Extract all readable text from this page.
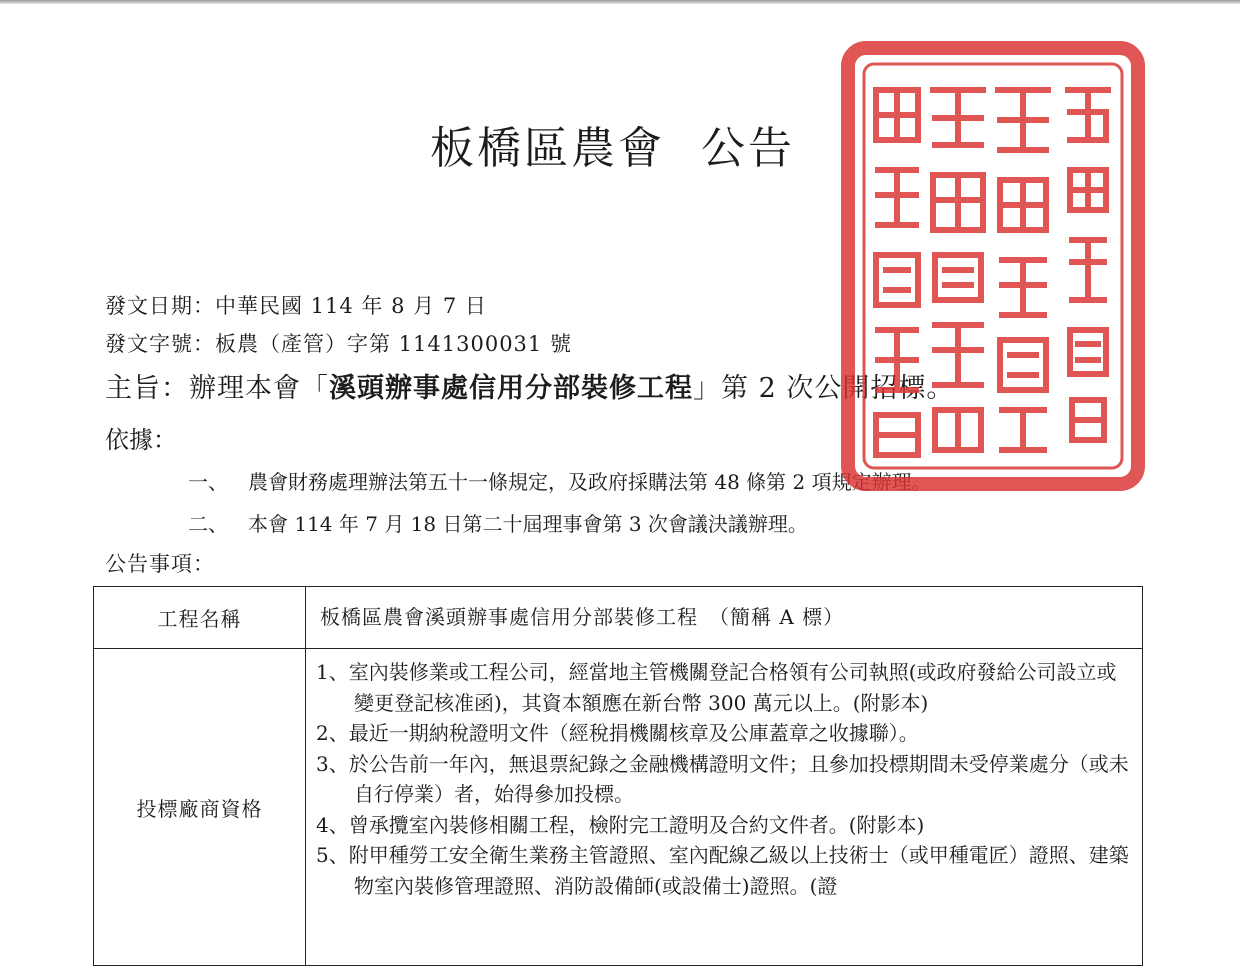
板橋區農會 公告
發文日期：中華民國 114 年 8 月 7 日
發文字號：板農（產管）字第 1141300031 號
主旨：辦理本會「溪頭辦事處信用分部裝修工程」第 2 次公開招標。
依據：
一、 農會財務處理辦法第五十一條規定，及政府採購法第 48 條第 2 項規定辦理。
二、 本會 114 年 7 月 18 日第二十屆理事會第 3 次會議決議辦理。
公告事項：
工程名稱	板橋區農會溪頭辦事處信用分部裝修工程　（簡稱 A 標）
投標廠商資格
1、室內裝修業或工程公司，經當地主管機關登記合格領有公司執照(或政府發給公司設立或變更登記核准函)，其資本額應在新台幣 300 萬元以上。(附影本)
2、最近一期納稅證明文件（經稅捐機關核章及公庫蓋章之收據聯）。
3、於公告前一年內，無退票紀錄之金融機構證明文件；且參加投標期間未受停業處分（或未自行停業）者，始得參加投標。
4、曾承攬室內裝修相關工程，檢附完工證明及合約文件者。(附影本)
5、附甲種勞工安全衛生業務主管證照、室內配線乙級以上技術士（或甲種電匠）證照、建築物室內裝修管理證照、消防設備師(或設備士)證照。(證
